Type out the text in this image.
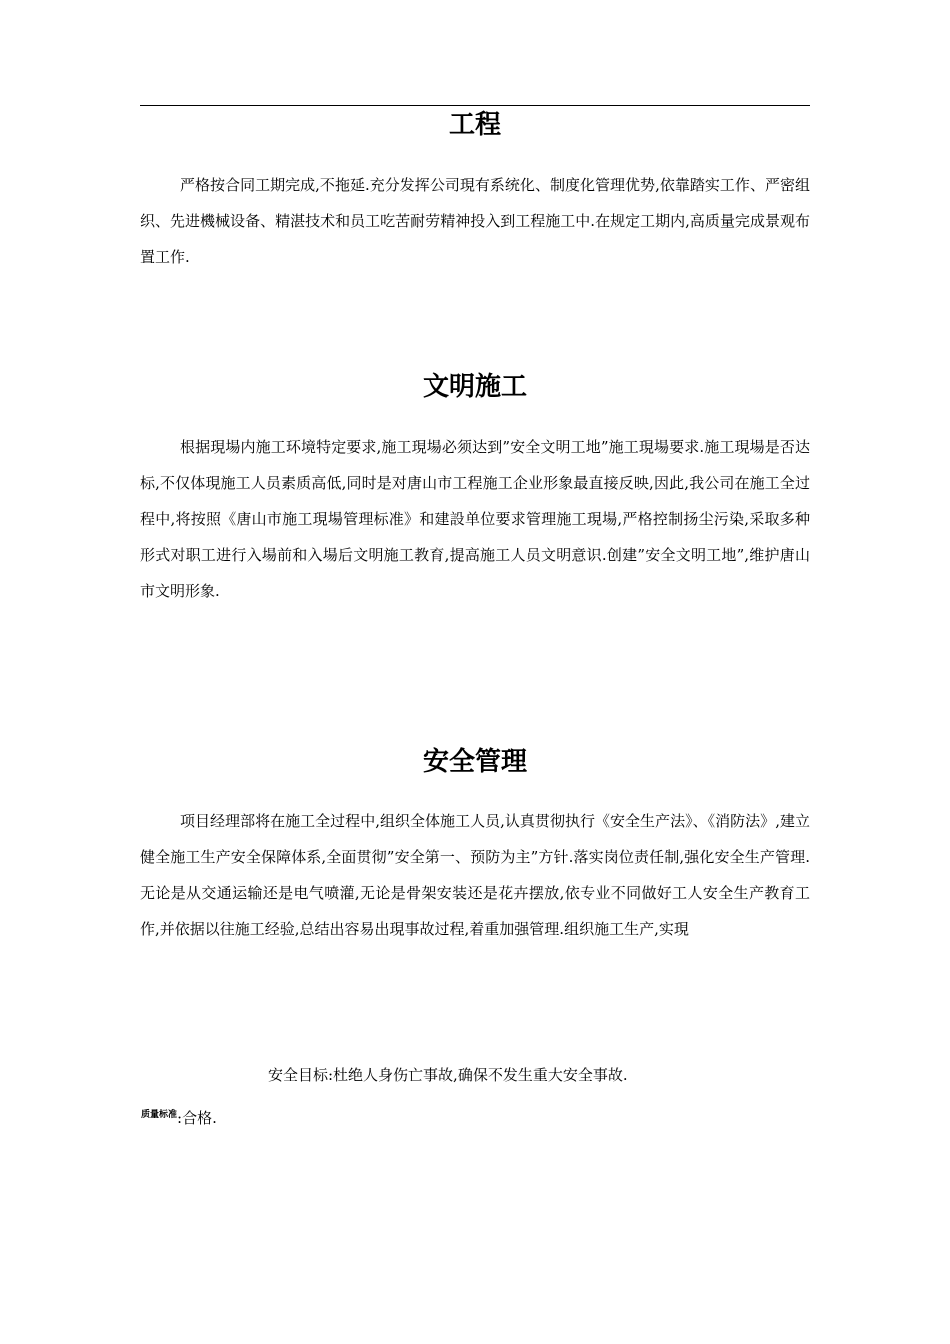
工程

严格按合同工期完成,不拖延.充分发挥公司現有系统化、制度化管理优势,依靠踏实工作、严密组织、先进機械设备、精湛技术和员工吃苦耐劳精神投入到工程施工中.在规定工期内,高质量完成景观布置工作.

文明施工

根据現場内施工环境特定要求,施工現場必须达到”安全文明工地”施工現場要求.施工現場是否达标,不仅体現施工人员素质高低,同时是对唐山市工程施工企业形象最直接反映,因此,我公司在施工全过程中,将按照《唐山市施工現場管理标准》和建設单位要求管理施工現場,严格控制扬尘污染,采取多种形式对职工进行入場前和入場后文明施工教育,提高施工人员文明意识.创建”安全文明工地”,维护唐山市文明形象.

安全管理

项目经理部将在施工全过程中,组织全体施工人员,认真贯彻执行《安全生产法》、《消防法》,建立健全施工生产安全保障体系,全面贯彻”安全第一、预防为主”方针.落实岗位责任制,强化安全生产管理.无论是从交通运输还是电气喷灌,无论是骨架安装还是花卉摆放,依专业不同做好工人安全生产教育工作,并依据以往施工经验,总结出容易出現事故过程,着重加强管理.组织施工生产,实現

安全目标:杜绝人身伤亡事故,确保不发生重大安全事故.
$^{质量标准}$:合格.
